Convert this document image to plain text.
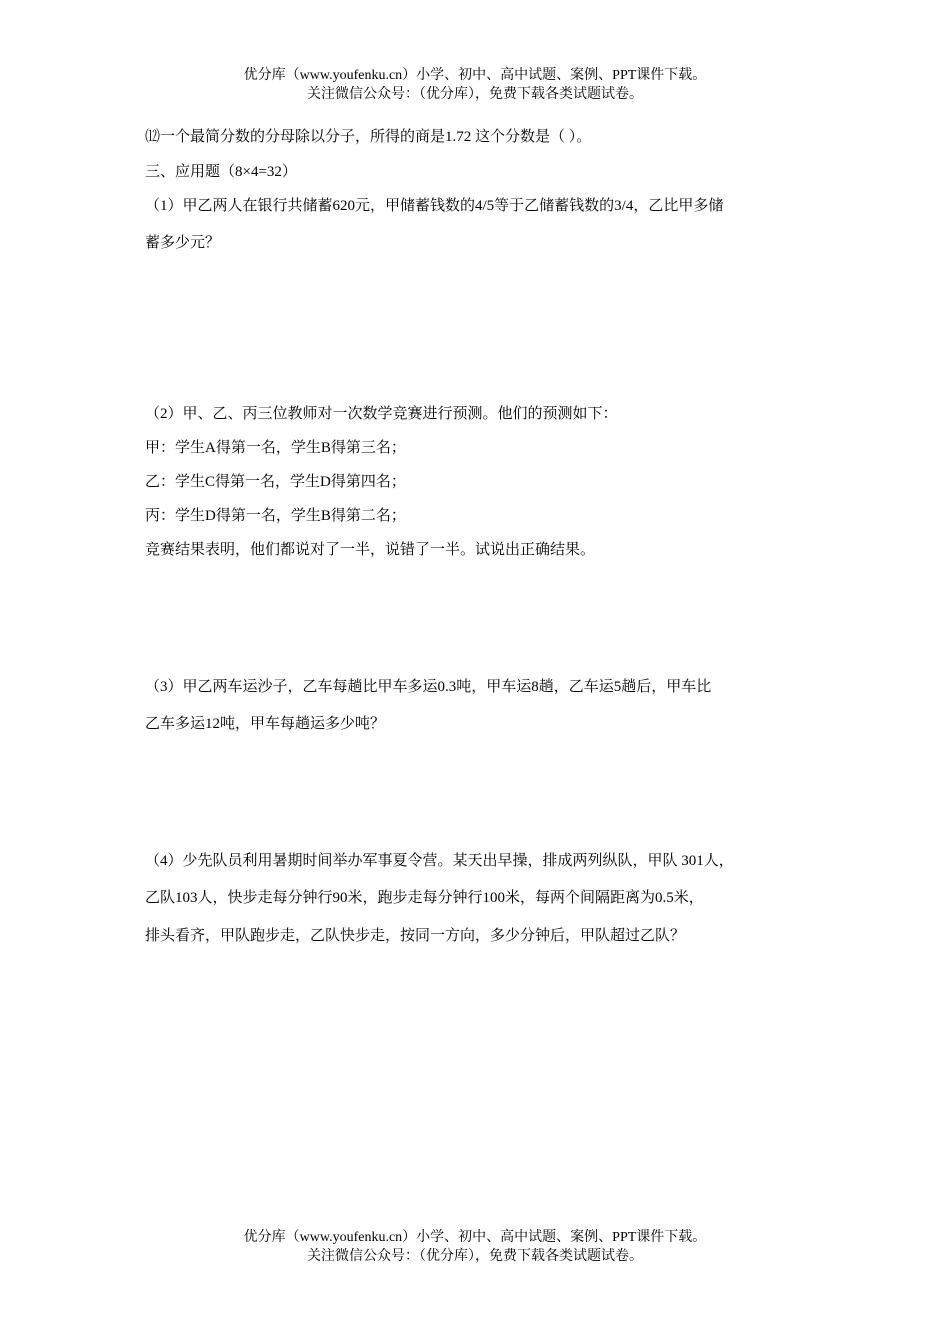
优分库（www.youfenku.cn）小学、初中、高中试题、案例、PPT课件下载。
关注微信公众号：（优分库），免费下载各类试题试卷。
⑿一个最简分数的分母除以分子，所得的商是1.72 这个分数是（ ）。
三、应用题（8×4=32）
（1）甲乙两人在银行共储蓄620元，甲储蓄钱数的4/5等于乙储蓄钱数的3/4，乙比甲多储
蓄多少元？
（2）甲、乙、丙三位教师对一次数学竞赛进行预测。他们的预测如下：
甲：学生A得第一名，学生B得第三名；
乙：学生C得第一名，学生D得第四名；
丙：学生D得第一名，学生B得第二名；
竞赛结果表明，他们都说对了一半，说错了一半。试说出正确结果。
（3）甲乙两车运沙子，乙车每趟比甲车多运0.3吨，甲车运8趟，乙车运5趟后，甲车比
乙车多运12吨，甲车每趟运多少吨？
（4）少先队员利用暑期时间举办军事夏令营。某天出早操，排成两列纵队，甲队 301人，
乙队103人，快步走每分钟行90米，跑步走每分钟行100米，每两个间隔距离为0.5米，
排头看齐，甲队跑步走，乙队快步走，按同一方向，多少分钟后，甲队超过乙队？
优分库（www.youfenku.cn）小学、初中、高中试题、案例、PPT课件下载。
关注微信公众号：（优分库），免费下载各类试题试卷。
